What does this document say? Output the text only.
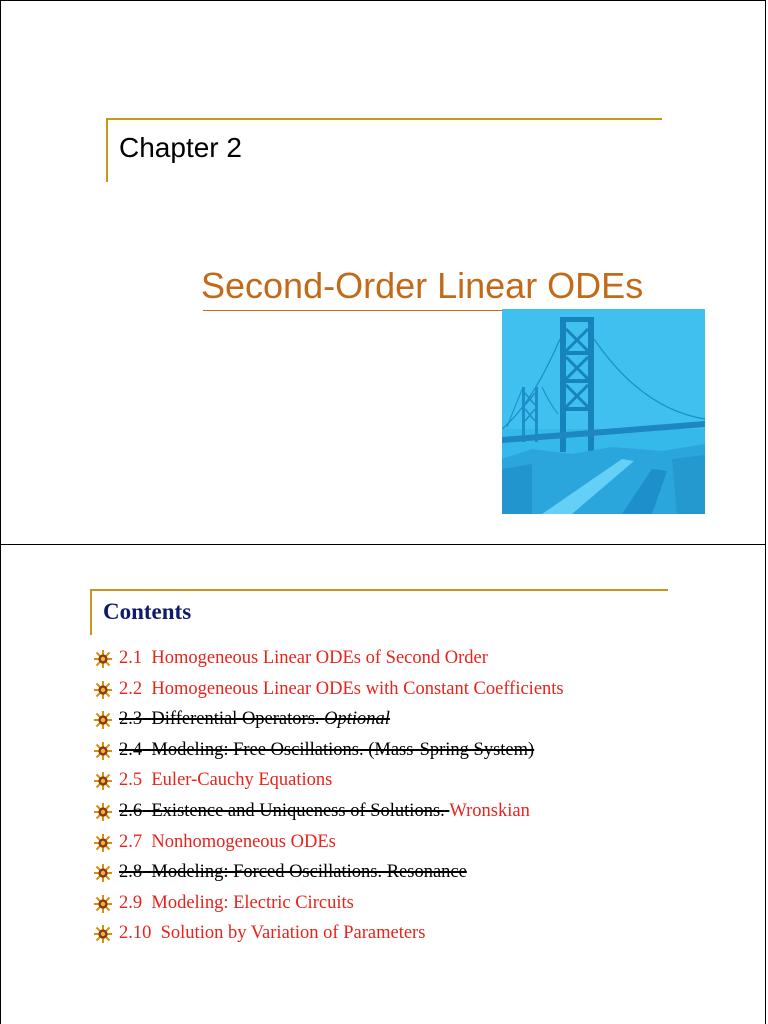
Chapter 2
Second-Order Linear ODEs
Contents
2.1 Homogeneous Linear ODEs of Second Order
2.2 Homogeneous Linear ODEs with Constant Coefficients
2.3 Differential Operators. Optional
2.4 Modeling: Free Oscillations. (Mass-Spring System)
2.5 Euler-Cauchy Equations
2.6 Existence and Uniqueness of Solutions. Wronskian
2.7 Nonhomogeneous ODEs
2.8 Modeling: Forced Oscillations. Resonance
2.9 Modeling: Electric Circuits
2.10 Solution by Variation of Parameters
